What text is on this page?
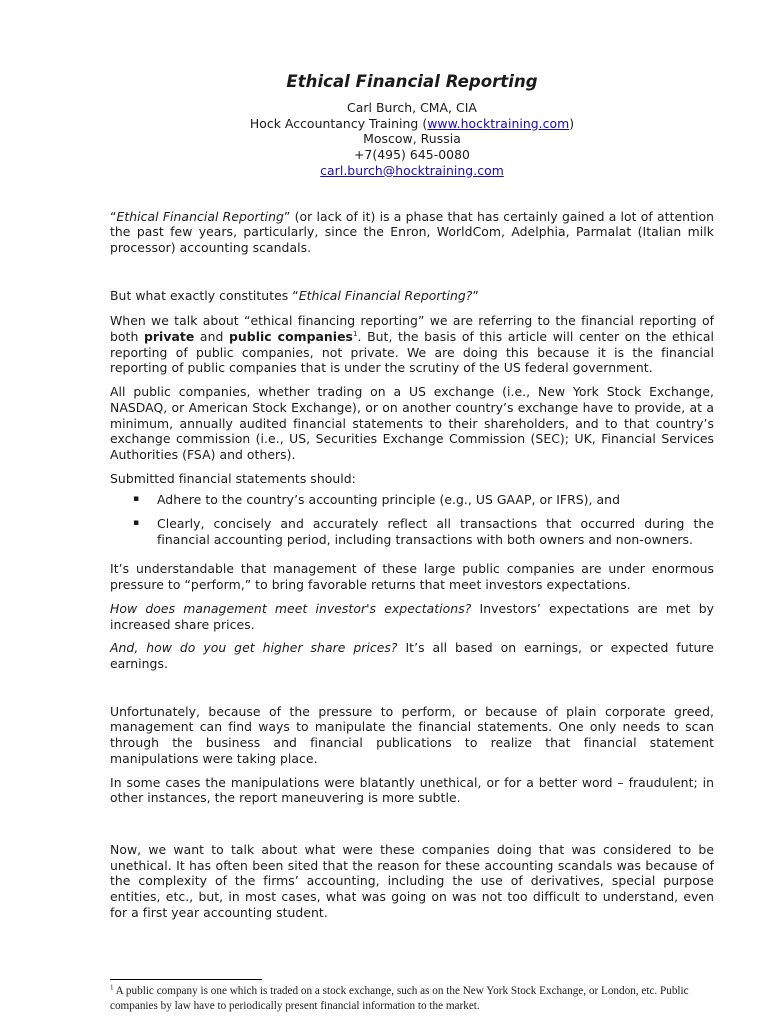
Ethical Financial Reporting

Carl Burch, CMA, CIA

Hock Accountancy Training (www.hocktraining.com)

Moscow, Russia

+7(495) 645-0080

carl.burch@hocktraining.com

“Ethical Financial Reporting” (or lack of it) is a phase that has certainly gained a lot of attention the past few years, particularly, since the Enron, WorldCom, Adelphia, Parmalat (Italian milk processor) accounting scandals.

But what exactly constitutes “Ethical Financial Reporting?”

When we talk about “ethical financing reporting” we are referring to the financial reporting of both private and public companies$^1$. But, the basis of this article will center on the ethical reporting of public companies, not private. We are doing this because it is the financial reporting of public companies that is under the scrutiny of the US federal government.

All public companies, whether trading on a US exchange (i.e., New York Stock Exchange, NASDAQ, or American Stock Exchange), or on another country’s exchange have to provide, at a minimum, annually audited financial statements to their shareholders, and to that country’s exchange commission (i.e., US, Securities Exchange Commission (SEC); UK, Financial Services Authorities (FSA) and others).

Submitted financial statements should:

▪ Adhere to the country’s accounting principle (e.g., US GAAP, or IFRS), and
▪ Clearly, concisely and accurately reflect all transactions that occurred during the financial accounting period, including transactions with both owners and non-owners.

It’s understandable that management of these large public companies are under enormous pressure to “perform,” to bring favorable returns that meet investors expectations.

How does management meet investor's expectations? Investors’ expectations are met by increased share prices.

And, how do you get higher share prices? It’s all based on earnings, or expected future earnings.

Unfortunately, because of the pressure to perform, or because of plain corporate greed, management can find ways to manipulate the financial statements. One only needs to scan through the business and financial publications to realize that financial statement manipulations were taking place.

In some cases the manipulations were blatantly unethical, or for a better word – fraudulent; in other instances, the report maneuvering is more subtle.

Now, we want to talk about what were these companies doing that was considered to be unethical. It has often been sited that the reason for these accounting scandals was because of the complexity of the firms’ accounting, including the use of derivatives, special purpose entities, etc., but, in most cases, what was going on was not too difficult to understand, even for a first year accounting student.

$^1$ A public company is one which is traded on a stock exchange, such as on the New York Stock Exchange, or London, etc. Public companies by law have to periodically present financial information to the market.
